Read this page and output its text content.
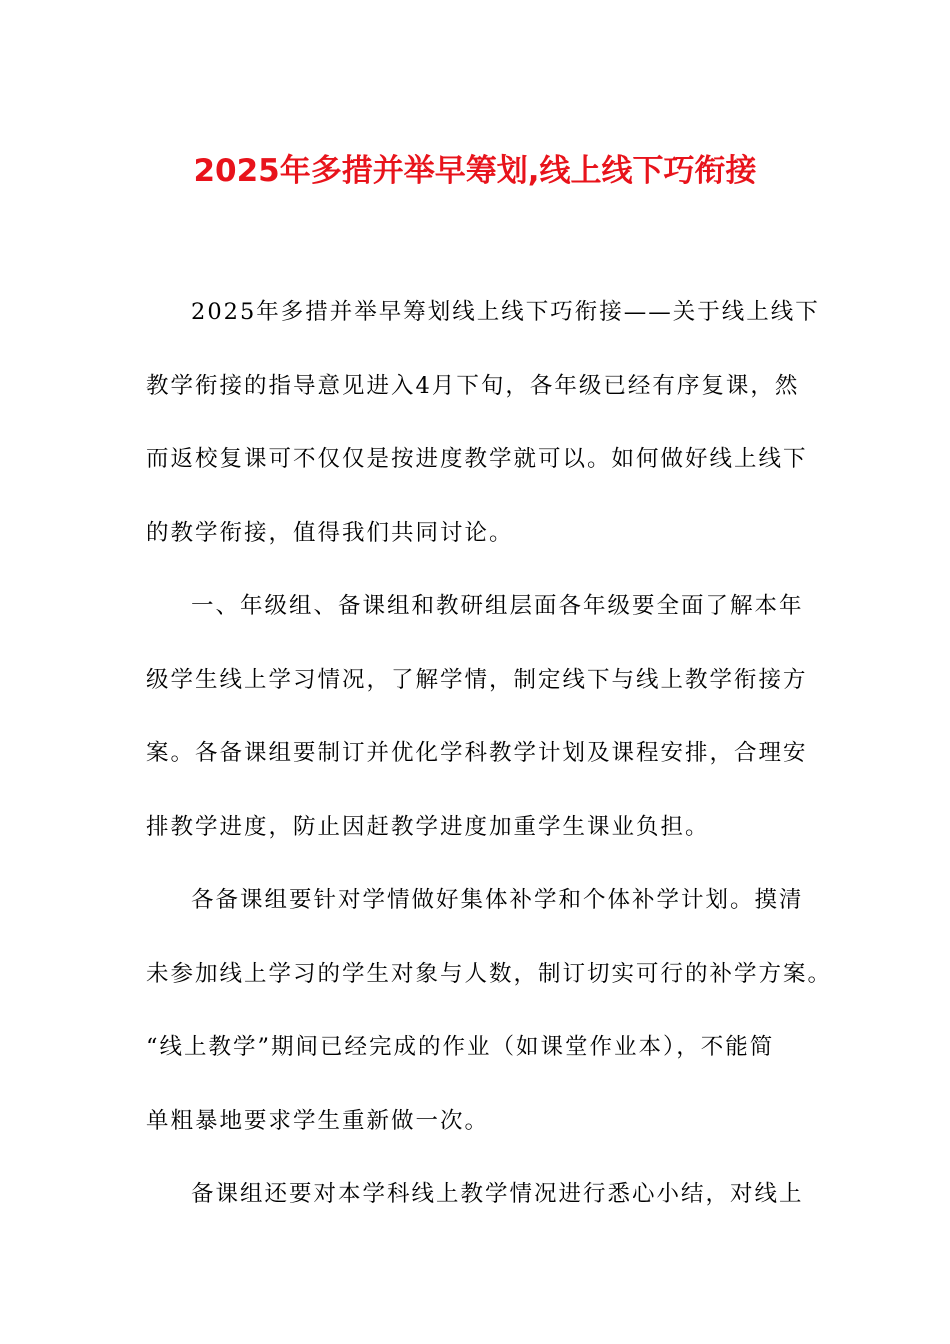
2025年多措并举早筹划,线上线下巧衔接
2025年多措并举早筹划线上线下巧衔接——关于线上线下
教学衔接的指导意见进入4月下旬，各年级已经有序复课，然
而返校复课可不仅仅是按进度教学就可以。如何做好线上线下
的教学衔接，值得我们共同讨论。
一、年级组、备课组和教研组层面各年级要全面了解本年
级学生线上学习情况，了解学情，制定线下与线上教学衔接方
案。各备课组要制订并优化学科教学计划及课程安排，合理安
排教学进度，防止因赶教学进度加重学生课业负担。
各备课组要针对学情做好集体补学和个体补学计划。摸清
未参加线上学习的学生对象与人数，制订切实可行的补学方案。
“线上教学”期间已经完成的作业（如课堂作业本），不能简
单粗暴地要求学生重新做一次。
备课组还要对本学科线上教学情况进行悉心小结，对线上
